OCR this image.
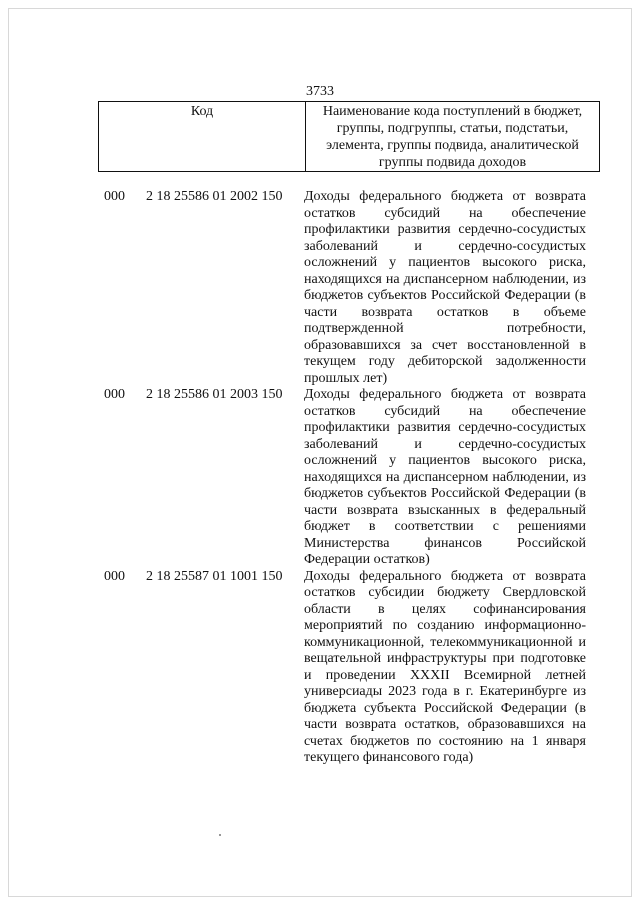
3733
Код	Наименование кода поступлений в бюджет, группы, подгруппы, статьи, подстатьи, элемента, группы подвида, аналитической группы подвида доходов
000	2 18 25586 01 2002 150	Доходы федерального бюджета от возврата остатков субсидий на обеспечение профилактики развития сердечно-сосудистых заболеваний и сердечно-сосудистых осложнений у пациентов высокого риска, находящихся на диспансерном наблюдении, из бюджетов субъектов Российской Федерации (в части возврата остатков в объеме подтвержденной потребности, образовавшихся за счет восстановленной в текущем году дебиторской задолженности прошлых лет)
000	2 18 25586 01 2003 150	Доходы федерального бюджета от возврата остатков субсидий на обеспечение профилактики развития сердечно-сосудистых заболеваний и сердечно-сосудистых осложнений у пациентов высокого риска, находящихся на диспансерном наблюдении, из бюджетов субъектов Российской Федерации (в части возврата взысканных в федеральный бюджет в соответствии с решениями Министерства финансов Российской Федерации остатков)
000	2 18 25587 01 1001 150	Доходы федерального бюджета от возврата остатков субсидии бюджету Свердловской области в целях софинансирования мероприятий по созданию информационно-коммуникационной, телекоммуникационной и вещательной инфраструктуры при подготовке и проведении XXXII Всемирной летней универсиады 2023 года в г. Екатеринбурге из бюджета субъекта Российской Федерации (в части возврата остатков, образовавшихся на счетах бюджетов по состоянию на 1 января текущего финансового года)
